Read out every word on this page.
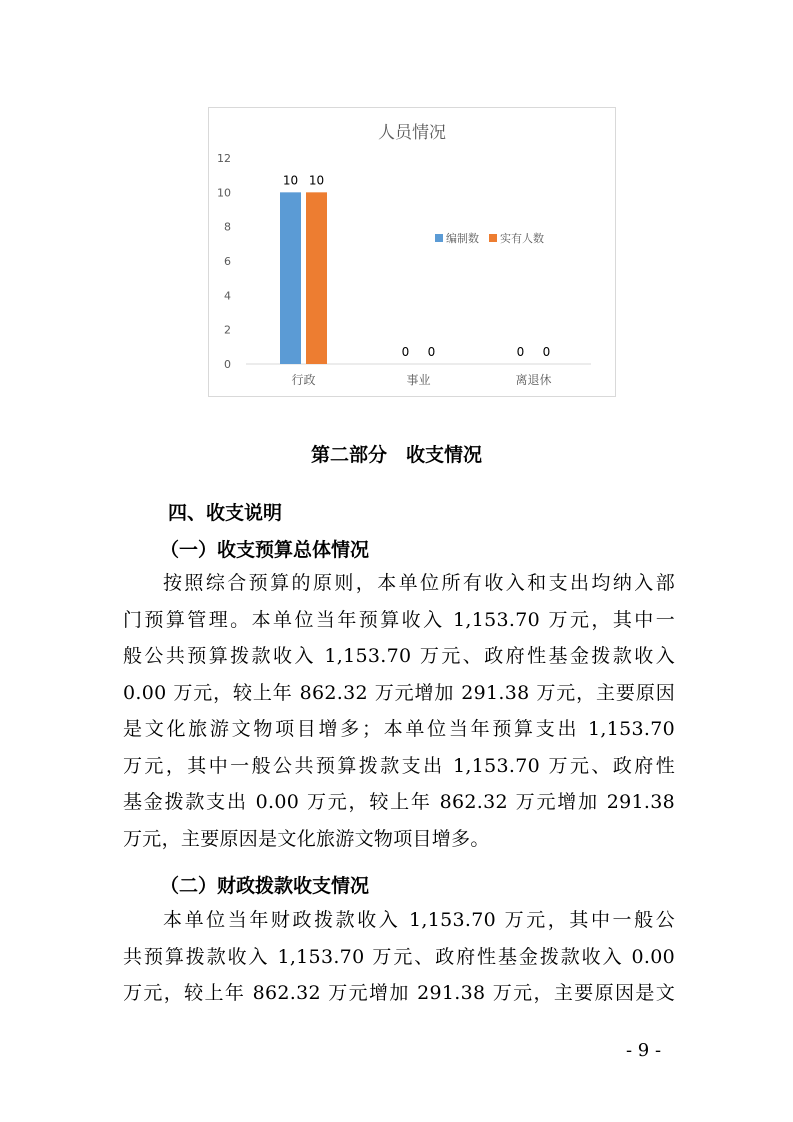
人员情况
0
2
4
6
8
10
12
行政
10 10
事业
0 0
离退休
0 0
编制数 实有人数
第二部分　收支情况
四、收支说明
（一）收支预算总体情况
按照综合预算的原则，本单位所有收入和支出均纳入部
门预算管理。本单位当年预算收入 1,153.70 万元，其中一
般公共预算拨款收入 1,153.70 万元、政府性基金拨款收入
0.00 万元，较上年 862.32 万元增加 291.38 万元，主要原因
是文化旅游文物项目增多；本单位当年预算支出 1,153.70
万元，其中一般公共预算拨款支出 1,153.70 万元、政府性
基金拨款支出 0.00 万元，较上年 862.32 万元增加 291.38
万元，主要原因是文化旅游文物项目增多。
（二）财政拨款收支情况
本单位当年财政拨款收入 1,153.70 万元，其中一般公
共预算拨款收入 1,153.70 万元、政府性基金拨款收入 0.00
万元，较上年 862.32 万元增加 291.38 万元，主要原因是文
- 9 -
